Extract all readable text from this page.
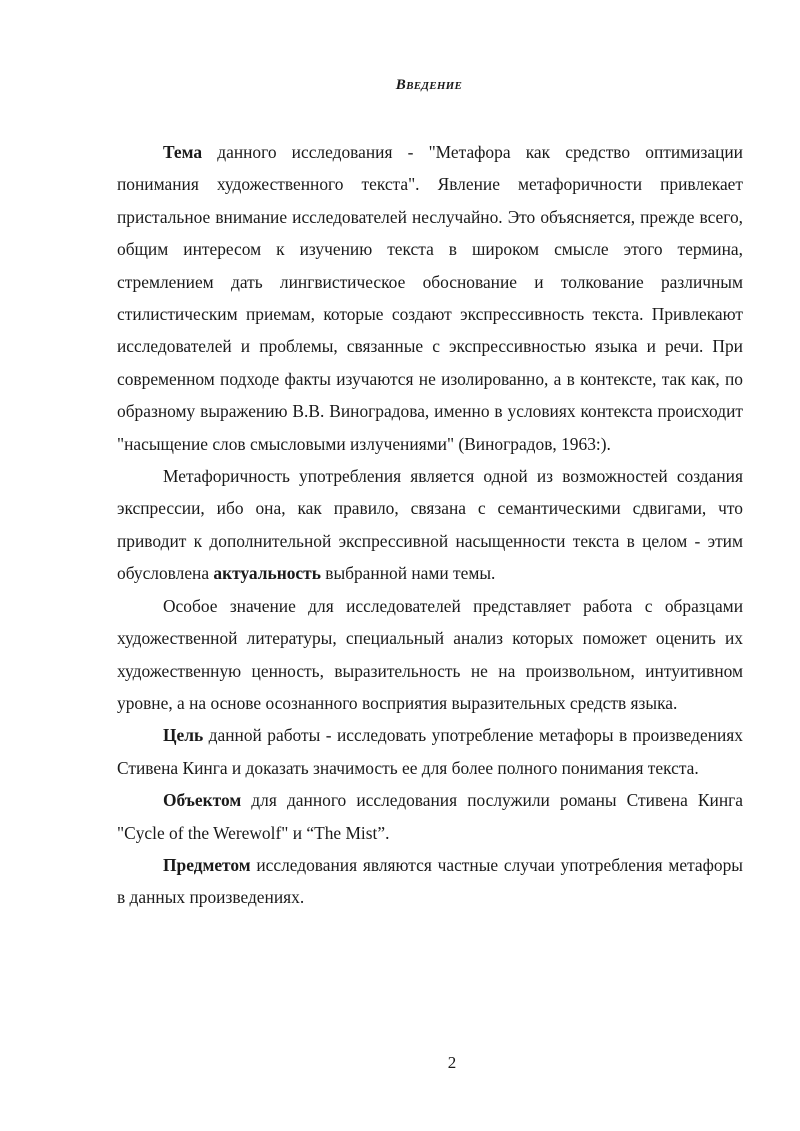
Введение

Тема данного исследования - "Метафора как средство оптимизации понимания художественного текста". Явление метафоричности привлекает пристальное внимание исследователей неслучайно. Это объясняется, прежде всего, общим интересом к изучению текста в широком смысле этого термина, стремлением дать лингвистическое обоснование и толкование различным стилистическим приемам, которые создают экспрессивность текста. Привлекают исследователей и проблемы, связанные с экспрессивностью языка и речи. При современном подходе факты изучаются не изолированно, а в контексте, так как, по образному выражению В.В. Виноградова, именно в условиях контекста происходит "насыщение слов смысловыми излучениями" (Виноградов, 1963:).

Метафоричность употребления является одной из возможностей создания экспрессии, ибо она, как правило, связана с семантическими сдвигами, что приводит к дополнительной экспрессивной насыщенности текста в целом - этим обусловлена актуальность выбранной нами темы.

Особое значение для исследователей представляет работа с образцами художественной литературы, специальный анализ которых поможет оценить их художественную ценность, выразительность не на произвольном, интуитивном уровне, а на основе осознанного восприятия выразительных средств языка.

Цель данной работы - исследовать употребление метафоры в произведениях Стивена Кинга и доказать значимость ее для более полного понимания текста.

Объектом для данного исследования послужили романы Стивена Кинга "Cycle of the Werewolf" и “The Mist”.

Предметом исследования являются частные случаи употребления метафоры в данных произведениях.

2
